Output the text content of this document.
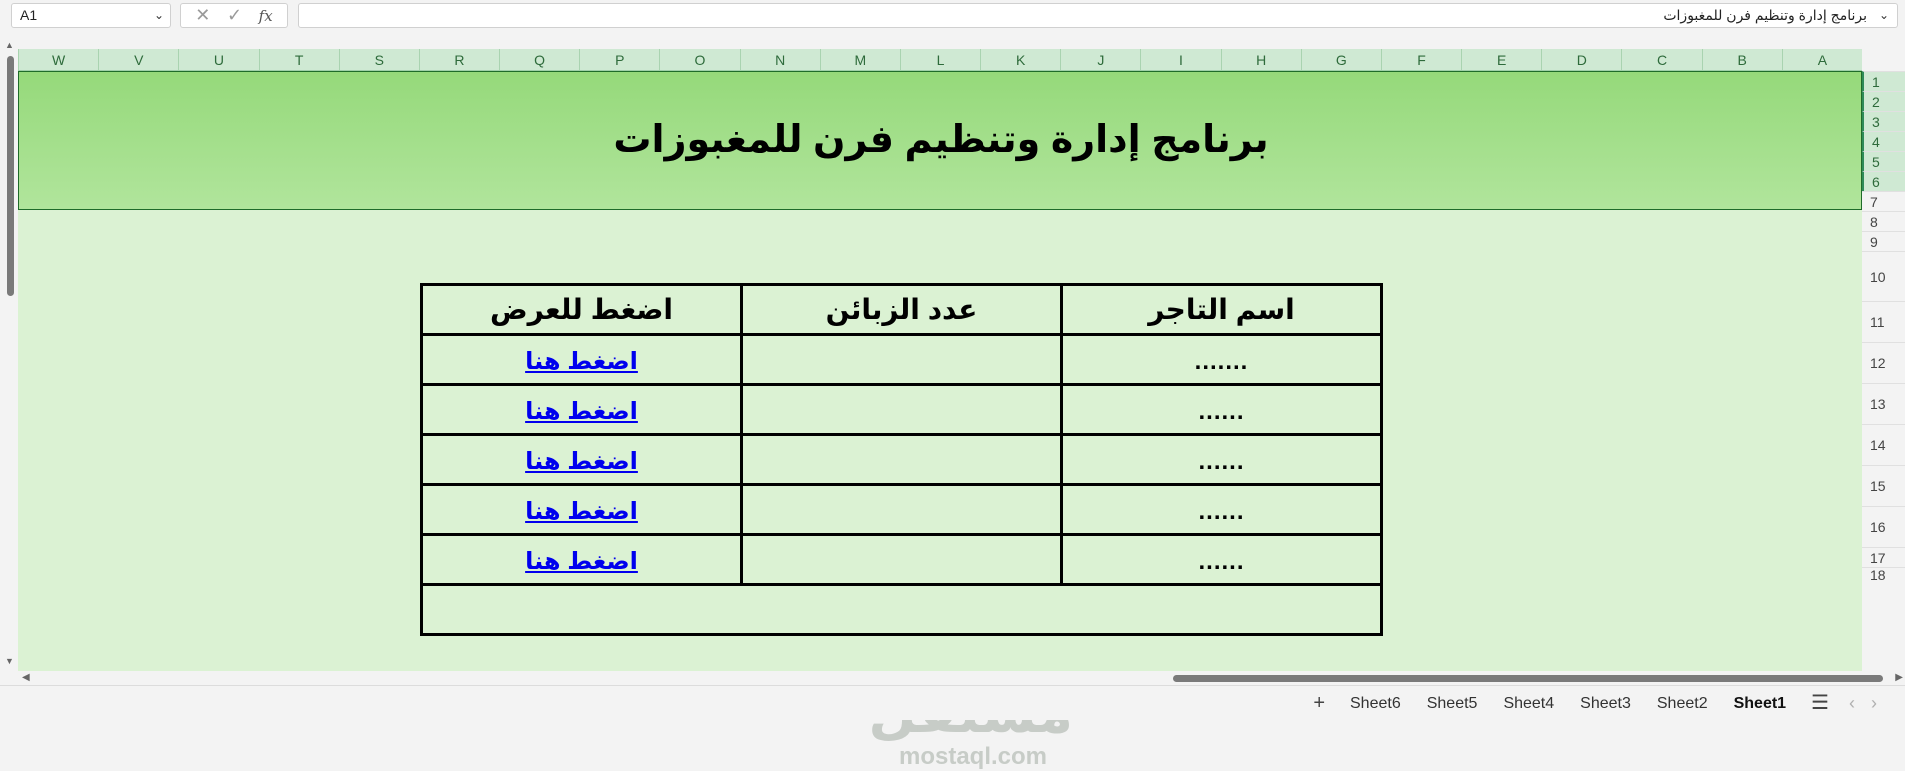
A1	⌄ ✕ ✓ fx	برنامج إدارة وتنظيم فرن للمغبوزات ⌄
▲
▼
W	V	U	T	S	R	Q	P	O	N	M	L	K	J	I	H	G	F	E	D	C	B	A
1
2
3
4
5
6
7
8
9
10
11
12
13
14
15
16
17
18
برنامج إدارة وتنظيم فرن للمغبوزات
اسم التاجر	عدد الزبائن	اضغط للعرض
.......		اضغط هنا
......		اضغط هنا
......		اضغط هنا
......		اضغط هنا
......		اضغط هنا

mostaql.com
◀	▶
+	Sheet6	Sheet5	Sheet4	Sheet3	Sheet2	Sheet1	☰	‹ ›
